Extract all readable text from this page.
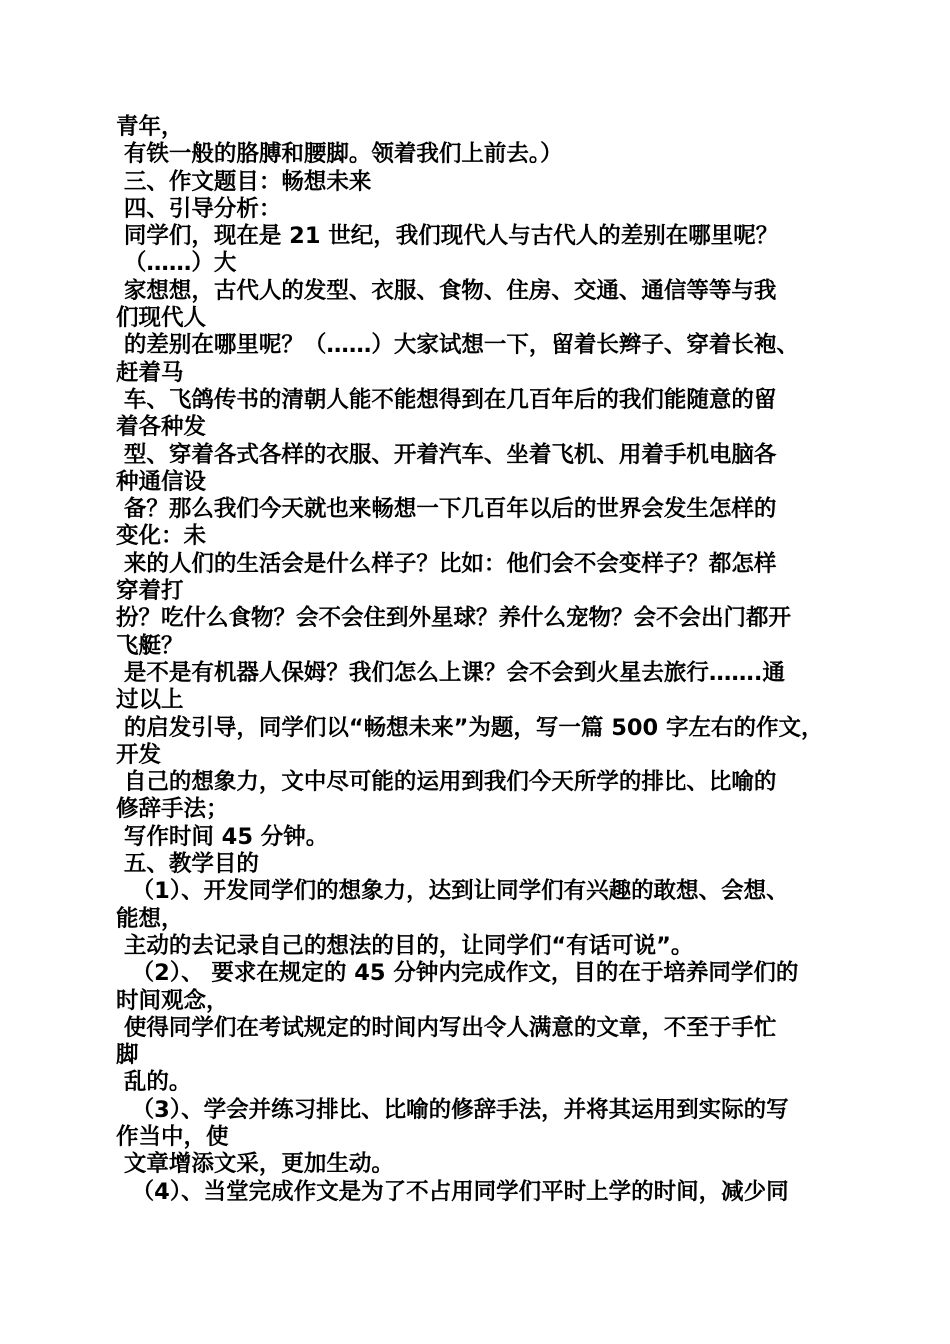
青年，
有铁一般的胳膊和腰脚。领着我们上前去。）
三、作文题目：畅想未来
四、引导分析：
同学们，现在是 21 世纪，我们现代人与古代人的差别在哪里呢？
（……）大
家想想，古代人的发型、衣服、食物、住房、交通、通信等等与我
们现代人
的差别在哪里呢？（……）大家试想一下，留着长辫子、穿着长袍、
赶着马
车、飞鸽传书的清朝人能不能想得到在几百年后的我们能随意的留
着各种发
型、穿着各式各样的衣服、开着汽车、坐着飞机、用着手机电脑各
种通信设
备？那么我们今天就也来畅想一下几百年以后的世界会发生怎样的
变化：未
来的人们的生活会是什么样子？比如：他们会不会变样子？都怎样
穿着打
扮？吃什么食物？会不会住到外星球？养什么宠物？会不会出门都开
飞艇？
是不是有机器人保姆？我们怎么上课？会不会到火星去旅行…….通
过以上
的启发引导，同学们以“畅想未来”为题，写一篇 500 字左右的作文，
开发
自己的想象力，文中尽可能的运用到我们今天所学的排比、比喻的
修辞手法；
写作时间 45 分钟。
五、教学目的
（1）、开发同学们的想象力，达到让同学们有兴趣的敢想、会想、
能想，
主动的去记录自己的想法的目的，让同学们“有话可说”。
（2）、 要求在规定的 45 分钟内完成作文，目的在于培养同学们的
时间观念，
使得同学们在考试规定的时间内写出令人满意的文章，不至于手忙
脚
乱的。
（3）、学会并练习排比、比喻的修辞手法，并将其运用到实际的写
作当中，使
文章增添文采，更加生动。
（4）、当堂完成作文是为了不占用同学们平时上学的时间，减少同
